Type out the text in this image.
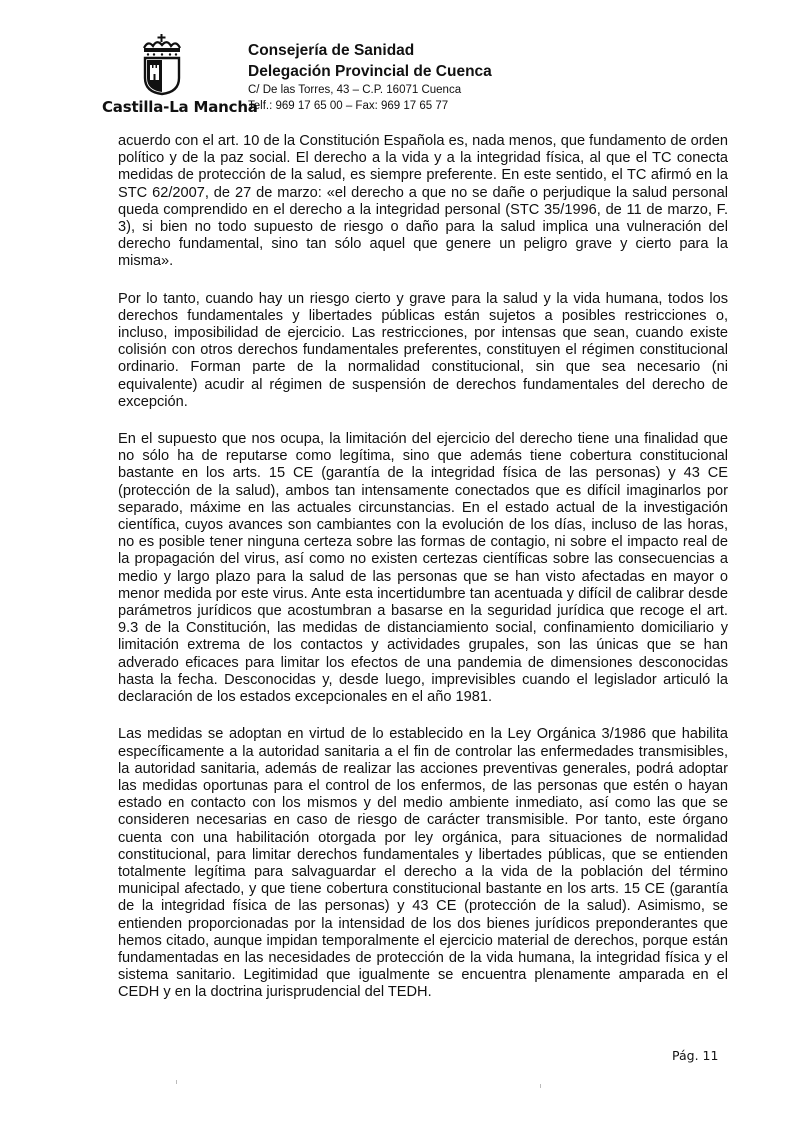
Castilla-La Mancha
Consejería de Sanidad
Delegación Provincial de Cuenca
C/ De las Torres, 43 – C.P. 16071 Cuenca
Telf.: 969 17 65 00 – Fax: 969 17 65 77

acuerdo con el art. 10 de la Constitución Española es, nada menos, que fundamento de orden político y de la paz social. El derecho a la vida y a la integridad física, al que el TC conecta medidas de protección de la salud, es siempre preferente. En este sentido, el TC afirmó en la STC 62/2007, de 27 de marzo: «el derecho a que no se dañe o perjudique la salud personal queda comprendido en el derecho a la integridad personal (STC 35/1996, de 11 de marzo, F. 3), si bien no todo supuesto de riesgo o daño para la salud implica una vulneración del derecho fundamental, sino tan sólo aquel que genere un peligro grave y cierto para la misma».

Por lo tanto, cuando hay un riesgo cierto y grave para la salud y la vida humana, todos los derechos fundamentales y libertades públicas están sujetos a posibles restricciones o, incluso, imposibilidad de ejercicio. Las restricciones, por intensas que sean, cuando existe colisión con otros derechos fundamentales preferentes, constituyen el régimen constitucional ordinario. Forman parte de la normalidad constitucional, sin que sea necesario (ni equivalente) acudir al régimen de suspensión de derechos fundamentales del derecho de excepción.

En el supuesto que nos ocupa, la limitación del ejercicio del derecho tiene una finalidad que no sólo ha de reputarse como legítima, sino que además tiene cobertura constitucional bastante en los arts. 15 CE (garantía de la integridad física de las personas) y 43 CE (protección de la salud), ambos tan intensamente conectados que es difícil imaginarlos por separado, máxime en las actuales circunstancias. En el estado actual de la investigación científica, cuyos avances son cambiantes con la evolución de los días, incluso de las horas, no es posible tener ninguna certeza sobre las formas de contagio, ni sobre el impacto real de la propagación del virus, así como no existen certezas científicas sobre las consecuencias a medio y largo plazo para la salud de las personas que se han visto afectadas en mayor o menor medida por este virus. Ante esta incertidumbre tan acentuada y difícil de calibrar desde parámetros jurídicos que acostumbran a basarse en la seguridad jurídica que recoge el art. 9.3 de la Constitución, las medidas de distanciamiento social, confinamiento domiciliario y limitación extrema de los contactos y actividades grupales, son las únicas que se han adverado eficaces para limitar los efectos de una pandemia de dimensiones desconocidas hasta la fecha. Desconocidas y, desde luego, imprevisibles cuando el legislador articuló la declaración de los estados excepcionales en el año 1981.

Las medidas se adoptan en virtud de lo establecido en la Ley Orgánica 3/1986 que habilita específicamente a la autoridad sanitaria a el fin de controlar las enfermedades transmisibles, la autoridad sanitaria, además de realizar las acciones preventivas generales, podrá adoptar las medidas oportunas para el control de los enfermos, de las personas que estén o hayan estado en contacto con los mismos y del medio ambiente inmediato, así como las que se consideren necesarias en caso de riesgo de carácter transmisible. Por tanto, este órgano cuenta con una habilitación otorgada por ley orgánica, para situaciones de normalidad constitucional, para limitar derechos fundamentales y libertades públicas, que se entienden totalmente legítima para salvaguardar el derecho a la vida de la población del término municipal afectado, y que tiene cobertura constitucional bastante en los arts. 15 CE (garantía de la integridad física de las personas) y 43 CE (protección de la salud). Asimismo, se entienden proporcionadas por la intensidad de los dos bienes jurídicos preponderantes que hemos citado, aunque impidan temporalmente el ejercicio material de derechos, porque están fundamentadas en las necesidades de protección de la vida humana, la integridad física y el sistema sanitario. Legitimidad que igualmente se encuentra plenamente amparada en el CEDH y en la doctrina jurisprudencial del TEDH.

Pág. 11
